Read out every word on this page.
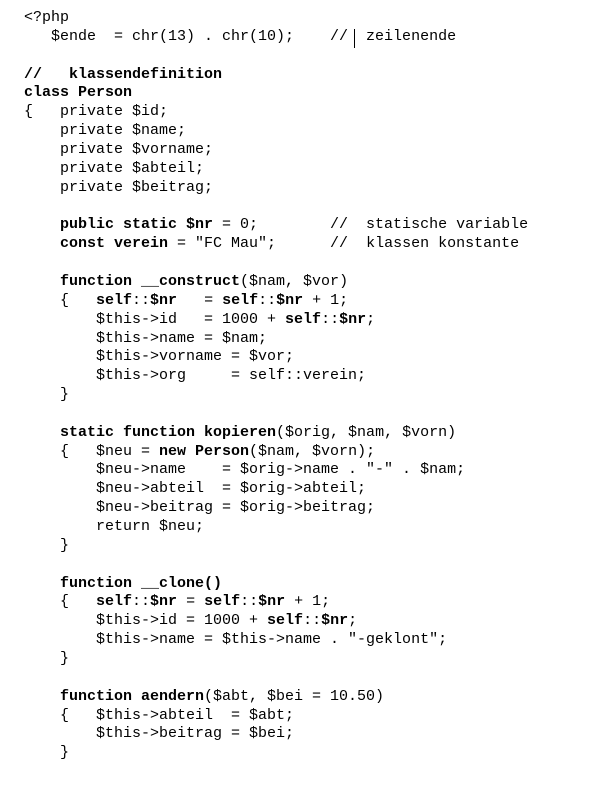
<?php
$ende  = chr(13) . chr(10);    //  zeilenende
//   klassendefinition
class Person
{   private $id;
private $name;
private $vorname;
private $abteil;
private $beitrag;
public static $nr = 0;        //  statische variable
const verein = "FC Mau";      //  klassen konstante
function __construct($nam, $vor)
{   self::$nr   = self::$nr + 1;
$this->id   = 1000 + self::$nr;
$this->name = $nam;
$this->vorname = $vor;
$this->org     = self::verein;
}
static function kopieren($orig, $nam, $vorn)
{   $neu = new Person($nam, $vorn);
$neu->name    = $orig->name . "-" . $nam;
$neu->abteil  = $orig->abteil;
$neu->beitrag = $orig->beitrag;
return $neu;
}
function __clone()
{   self::$nr = self::$nr + 1;
$this->id = 1000 + self::$nr;
$this->name = $this->name . "-geklont";
}
function aendern($abt, $bei = 10.50)
{   $this->abteil  = $abt;
$this->beitrag = $bei;
}
